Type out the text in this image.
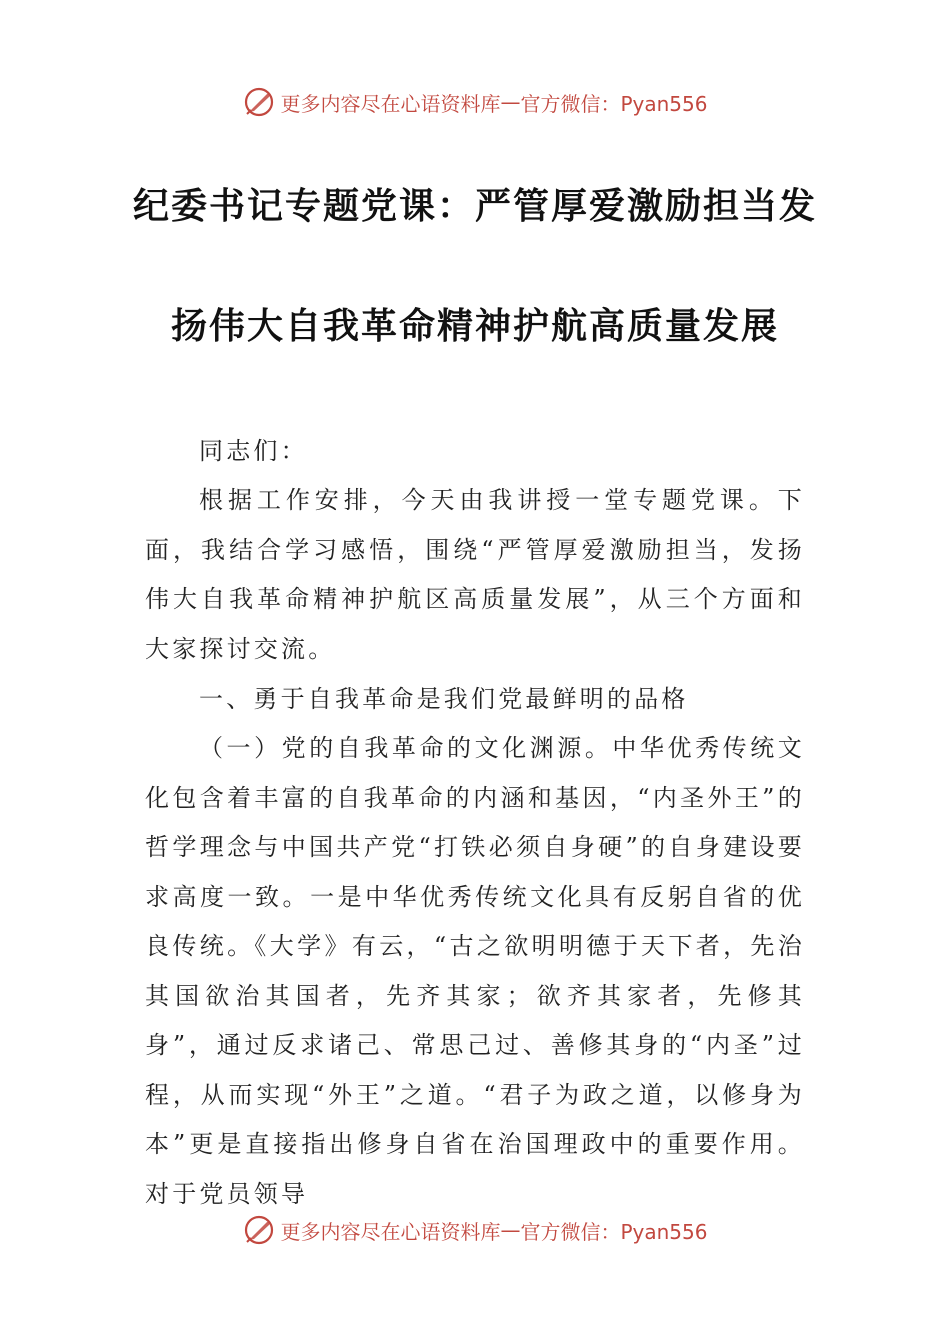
更多内容尽在心语资料库 — 官方微信：Pyan556
纪委书记专题党课：严管厚爱激励担当发
扬伟大自我革命精神护航高质量发展
同志们：
根据工作安排，今天由我讲授一堂专题党课。下面，我结合学习感悟，围绕“严管厚爱激励担当，发扬伟大自我革命精神护航区高质量发展”，从三个方面和大家探讨交流。
一、勇于自我革命是我们党最鲜明的品格
（一）党的自我革命的文化渊源。中华优秀传统文化包含着丰富的自我革命的内涵和基因，“内圣外王”的哲学理念与中国共产党“打铁必须自身硬”的自身建设要求高度一致。一是中华优秀传统文化具有反躬自省的优良传统。《大学》有云，“古之欲明明德于天下者，先治其国欲治其国者，先齐其家；欲齐其家者，先修其身”，通过反求诸己、常思己过、善修其身的“内圣”过程，从而实现“外王”之道。“君子为政之道，以修身为本”更是直接指出修身自省在治国理政中的重要作用。对于党员领导
更多内容尽在心语资料库 — 官方微信：Pyan556
